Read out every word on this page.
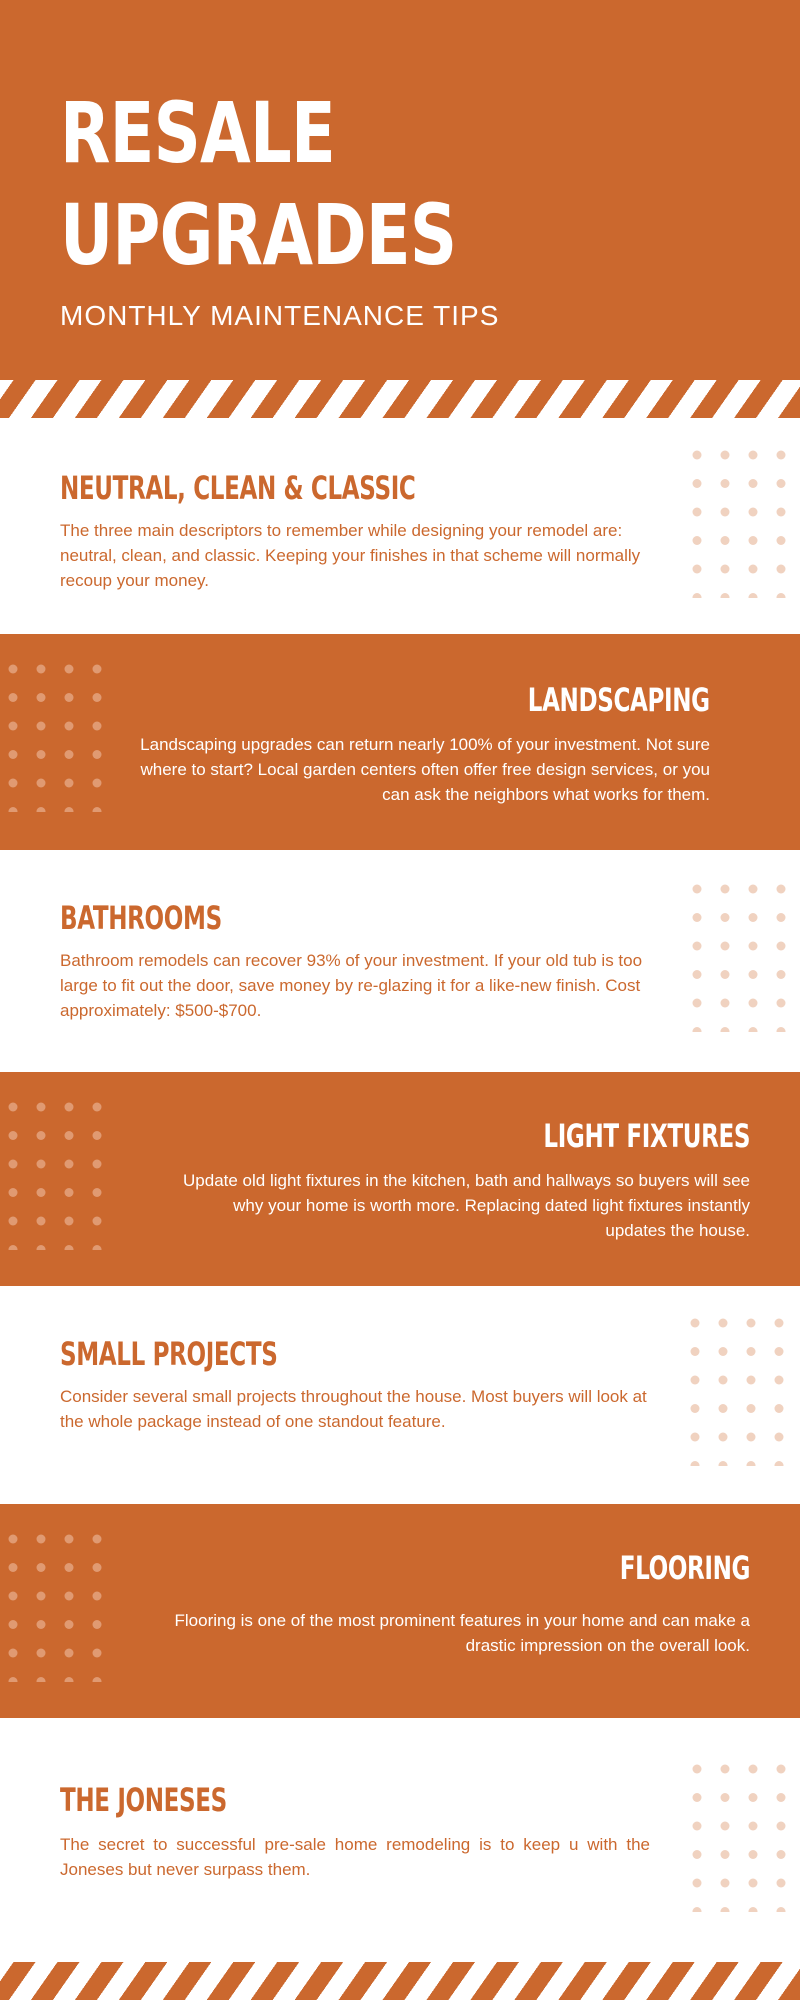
RESALE
UPGRADES
MONTHLY MAINTENANCE TIPS
NEUTRAL, CLEAN & CLASSIC
The three main descriptors to remember while designing your remodel are: neutral, clean, and classic. Keeping your finishes in that scheme will normally recoup your money.
LANDSCAPING
Landscaping upgrades can return nearly 100% of your investment. Not sure where to start? Local garden centers often offer free design services, or you can ask the neighbors what works for them.
BATHROOMS
Bathroom remodels can recover 93% of your investment. If your old tub is too large to fit out the door, save money by re-glazing it for a like-new finish. Cost approximately: $500-$700.
LIGHT FIXTURES
Update old light fixtures in the kitchen, bath and hallways so buyers will see why your home is worth more. Replacing dated light fixtures instantly updates the house.
SMALL PROJECTS
Consider several small projects throughout the house. Most buyers will look at the whole package instead of one standout feature.
FLOORING
Flooring is one of the most prominent features in your home and can make a drastic impression on the overall look.
THE JONESES
The secret to successful pre-sale home remodeling is to keep u with the Joneses but never surpass them.
